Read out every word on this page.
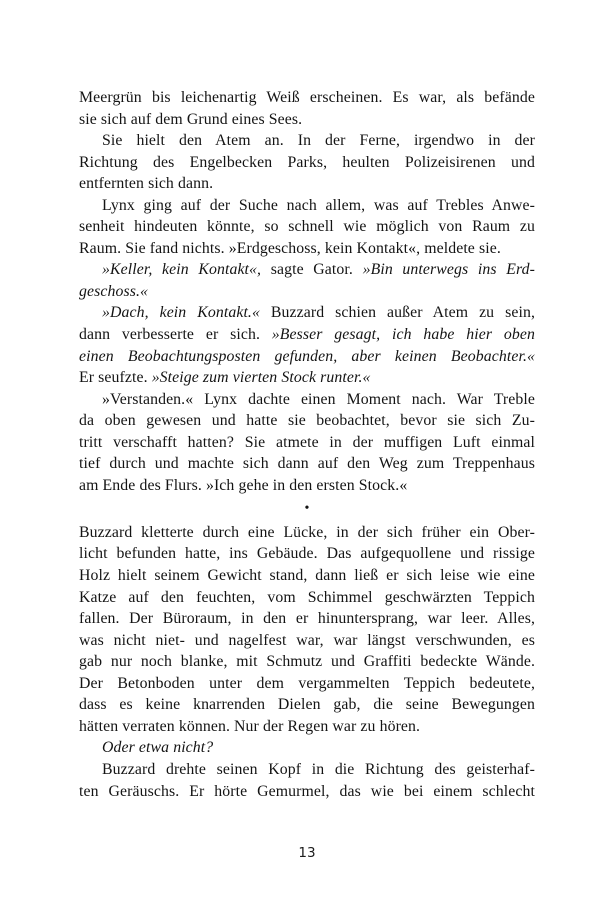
Meergrün bis leichenartig Weiß erscheinen. Es war, als befände
sie sich auf dem Grund eines Sees.
Sie hielt den Atem an. In der Ferne, irgendwo in der
Richtung des Engelbecken Parks, heulten Polizeisirenen und
entfernten sich dann.
Lynx ging auf der Suche nach allem, was auf Trebles Anwe-
senheit hindeuten könnte, so schnell wie möglich von Raum zu
Raum. Sie fand nichts. »Erdgeschoss, kein Kontakt«, meldete sie.
»Keller, kein Kontakt«, sagte Gator. »Bin unterwegs ins Erd-
geschoss.«
»Dach, kein Kontakt.« Buzzard schien außer Atem zu sein,
dann verbesserte er sich. »Besser gesagt, ich habe hier oben
einen Beobachtungsposten gefunden, aber keinen Beobachter.«
Er seufzte. »Steige zum vierten Stock runter.«
»Verstanden.« Lynx dachte einen Moment nach. War Treble
da oben gewesen und hatte sie beobachtet, bevor sie sich Zu-
tritt verschafft hatten? Sie atmete in der muffigen Luft einmal
tief durch und machte sich dann auf den Weg zum Treppenhaus
am Ende des Flurs. »Ich gehe in den ersten Stock.«
•
Buzzard kletterte durch eine Lücke, in der sich früher ein Ober-
licht befunden hatte, ins Gebäude. Das aufgequollene und rissige
Holz hielt seinem Gewicht stand, dann ließ er sich leise wie eine
Katze auf den feuchten, vom Schimmel geschwärzten Teppich
fallen. Der Büroraum, in den er hinuntersprang, war leer. Alles,
was nicht niet- und nagelfest war, war längst verschwunden, es
gab nur noch blanke, mit Schmutz und Graffiti bedeckte Wände.
Der Betonboden unter dem vergammelten Teppich bedeutete,
dass es keine knarrenden Dielen gab, die seine Bewegungen
hätten verraten können. Nur der Regen war zu hören.
Oder etwa nicht?
Buzzard drehte seinen Kopf in die Richtung des geisterhaf-
ten Geräuschs. Er hörte Gemurmel, das wie bei einem schlecht
13
